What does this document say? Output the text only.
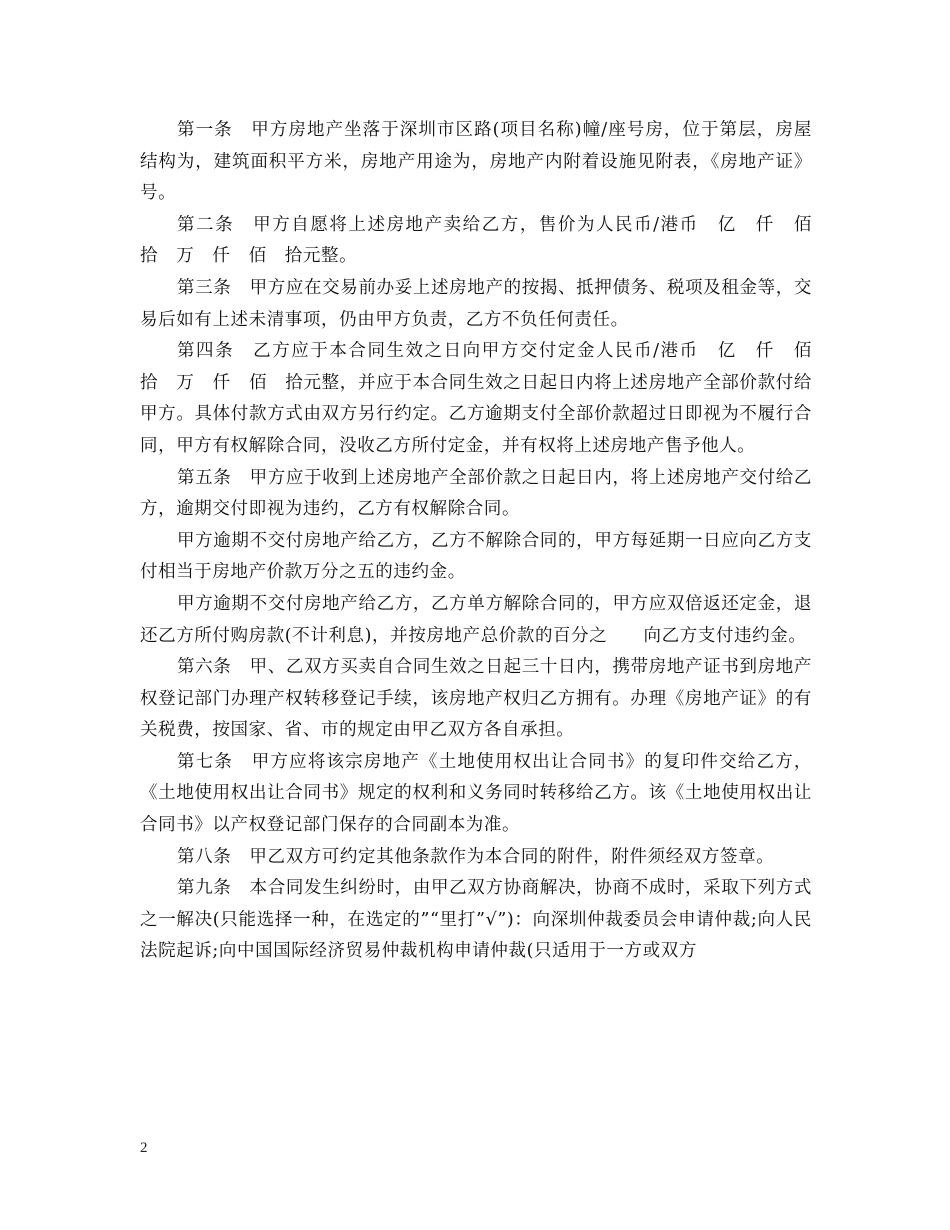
第一条　甲方房地产坐落于深圳市区路(项目名称)幢/座号房，位于第层，房屋结构为，建筑面积平方米，房地产用途为，房地产内附着设施见附表，《房地产证》号。

第二条　甲方自愿将上述房地产卖给乙方，售价为人民币/港币　亿　仟　佰　拾　万　仟　佰　拾元整。

第三条　甲方应在交易前办妥上述房地产的按揭、抵押债务、税项及租金等，交易后如有上述未清事项，仍由甲方负责，乙方不负任何责任。

第四条　乙方应于本合同生效之日向甲方交付定金人民币/港币　亿　仟　佰　拾　万　仟　佰　拾元整，并应于本合同生效之日起日内将上述房地产全部价款付给甲方。具体付款方式由双方另行约定。乙方逾期支付全部价款超过日即视为不履行合同，甲方有权解除合同，没收乙方所付定金，并有权将上述房地产售予他人。

第五条　甲方应于收到上述房地产全部价款之日起日内，将上述房地产交付给乙方，逾期交付即视为违约，乙方有权解除合同。

甲方逾期不交付房地产给乙方，乙方不解除合同的，甲方每延期一日应向乙方支付相当于房地产价款万分之五的违约金。

甲方逾期不交付房地产给乙方，乙方单方解除合同的，甲方应双倍返还定金，退还乙方所付购房款(不计利息)，并按房地产总价款的百分之　　向乙方支付违约金。

第六条　甲、乙双方买卖自合同生效之日起三十日内，携带房地产证书到房地产权登记部门办理产权转移登记手续，该房地产权归乙方拥有。办理《房地产证》的有关税费，按国家、省、市的规定由甲乙双方各自承担。

第七条　甲方应将该宗房地产《土地使用权出让合同书》的复印件交给乙方，《土地使用权出让合同书》规定的权利和义务同时转移给乙方。该《土地使用权出让合同书》以产权登记部门保存的合同副本为准。

第八条　甲乙双方可约定其他条款作为本合同的附件，附件须经双方签章。

第九条　本合同发生纠纷时，由甲乙双方协商解决，协商不成时，采取下列方式之一解决(只能选择一种，在选定的”“里打”√”)：向深圳仲裁委员会申请仲裁;向人民法院起诉;向中国国际经济贸易仲裁机构申请仲裁(只适用于一方或双方

2
